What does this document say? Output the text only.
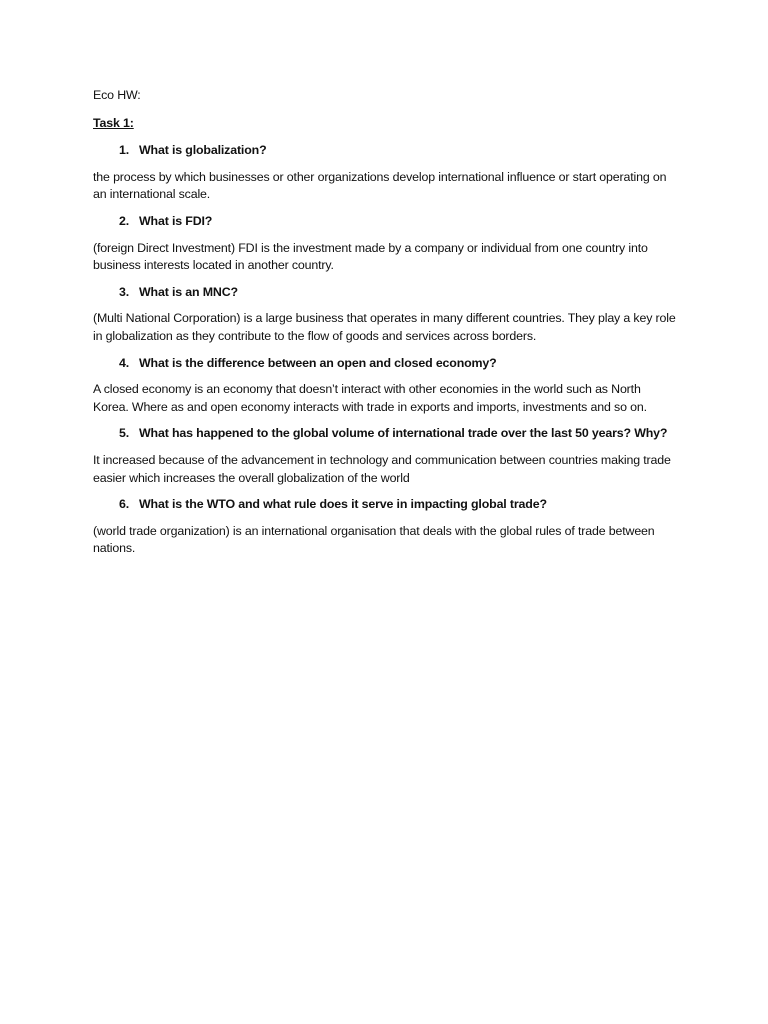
Eco HW:
Task 1:
1. What is globalization?
the process by which businesses or other organizations develop international influence or start operating on an international scale.
2. What is FDI?
(foreign Direct Investment) FDI is the investment made by a company or individual from one country into business interests located in another country.
3. What is an MNC?
(Multi National Corporation) is a large business that operates in many different countries. They play a key role in globalization as they contribute to the flow of goods and services across borders.
4. What is the difference between an open and closed economy?
A closed economy is an economy that doesn’t interact with other economies in the world such as North Korea. Where as and open economy interacts with trade in exports and imports, investments and so on.
5. What has happened to the global volume of international trade over the last 50 years? Why?
It increased because of the advancement in technology and communication between countries making trade easier which increases the overall globalization of the world
6. What is the WTO and what rule does it serve in impacting global trade?
(world trade organization) is an international organisation that deals with the global rules of trade between nations.
